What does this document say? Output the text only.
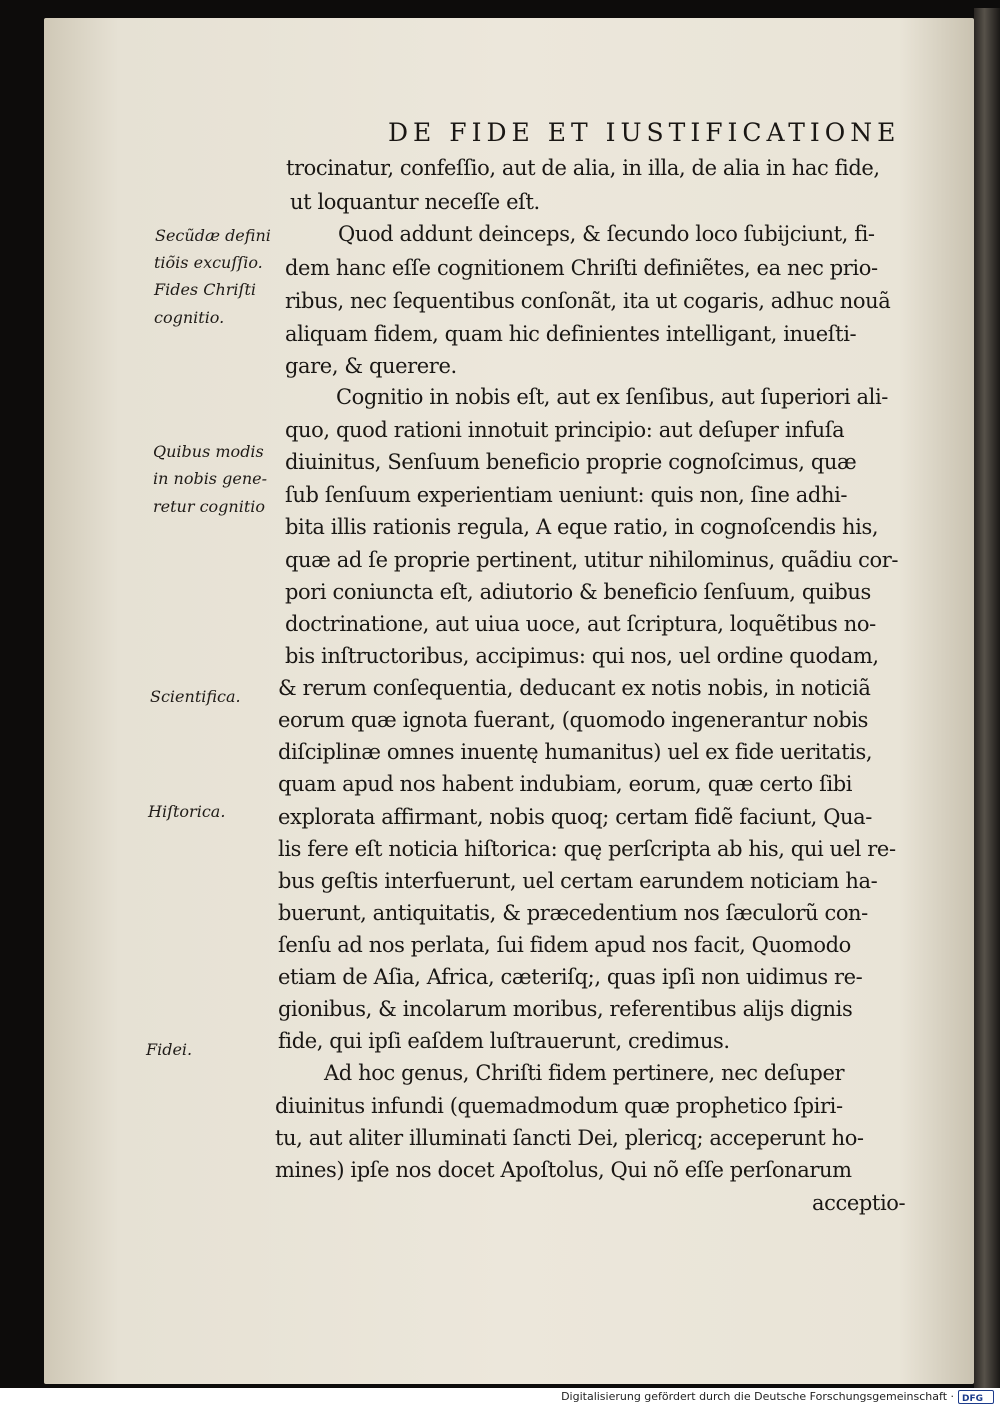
DE FIDE ET IUSTIFICATIONE
trocinatur, confeſſio, aut de alia, in illa, de alia in hac fide,
ut loquantur neceſſe eſt.
Quod addunt deinceps, & ſecundo loco ſubijciunt, fi-
dem hanc eſſe cognitionem Chriſti definiẽtes, ea nec prio-
ribus, nec ſequentibus conſonãt, ita ut cogaris, adhuc nouã
aliquam fidem, quam hic definientes intelligant, inueſti-
gare, & querere.
Cognitio in nobis eſt, aut ex ſenſibus, aut ſuperiori ali-
quo, quod rationi innotuit principio: aut deſuper infuſa
diuinitus, Senſuum beneficio proprie cognoſcimus, quæ
ſub ſenſuum experientiam ueniunt: quis non, ſine adhi-
bita illis rationis regula, A eque ratio, in cognoſcendis his,
quæ ad ſe proprie pertinent, utitur nihilominus, quãdiu cor-
pori coniuncta eſt, adiutorio & beneficio ſenſuum, quibus
doctrinatione, aut uiua uoce, aut ſcriptura, loquẽtibus no-
bis inſtructoribus, accipimus: qui nos, uel ordine quodam,
& rerum conſequentia, deducant ex notis nobis, in noticiã
eorum quæ ignota fuerant, (quomodo ingenerantur nobis
diſciplinæ omnes inuentę humanitus) uel ex fide ueritatis,
quam apud nos habent indubiam, eorum, quæ certo ſibi
explorata affirmant, nobis quoq; certam fidẽ faciunt, Qua-
lis fere eſt noticia hiſtorica: quę perſcripta ab his, qui uel re-
bus geſtis interfuerunt, uel certam earundem noticiam ha-
buerunt, antiquitatis, & præcedentium nos ſæculorũ con-
ſenſu ad nos perlata, ſui fidem apud nos facit, Quomodo
etiam de Aſia, Africa, cæteriſq;, quas ipſi non uidimus re-
gionibus, & incolarum moribus, referentibus alijs dignis
fide, qui ipſi eaſdem luſtrauerunt, credimus.
Ad hoc genus, Chriſti fidem pertinere, nec deſuper
diuinitus infundi (quemadmodum quæ prophetico ſpiri-
tu, aut aliter illuminati ſancti Dei, plericq; acceperunt ho-
mines) ipſe nos docet Apoſtolus, Qui nõ eſſe perſonarum
acceptio-
Secũdæ defini
tiõis excuſſio.
Fides Chriſti
cognitio.
Quibus modis
in nobis gene-
retur cognitio
Scientifica.
Hiſtorica.
Fidei.
Digitalisierung gefördert durch die Deutsche Forschungsgemeinschaft · DFG
